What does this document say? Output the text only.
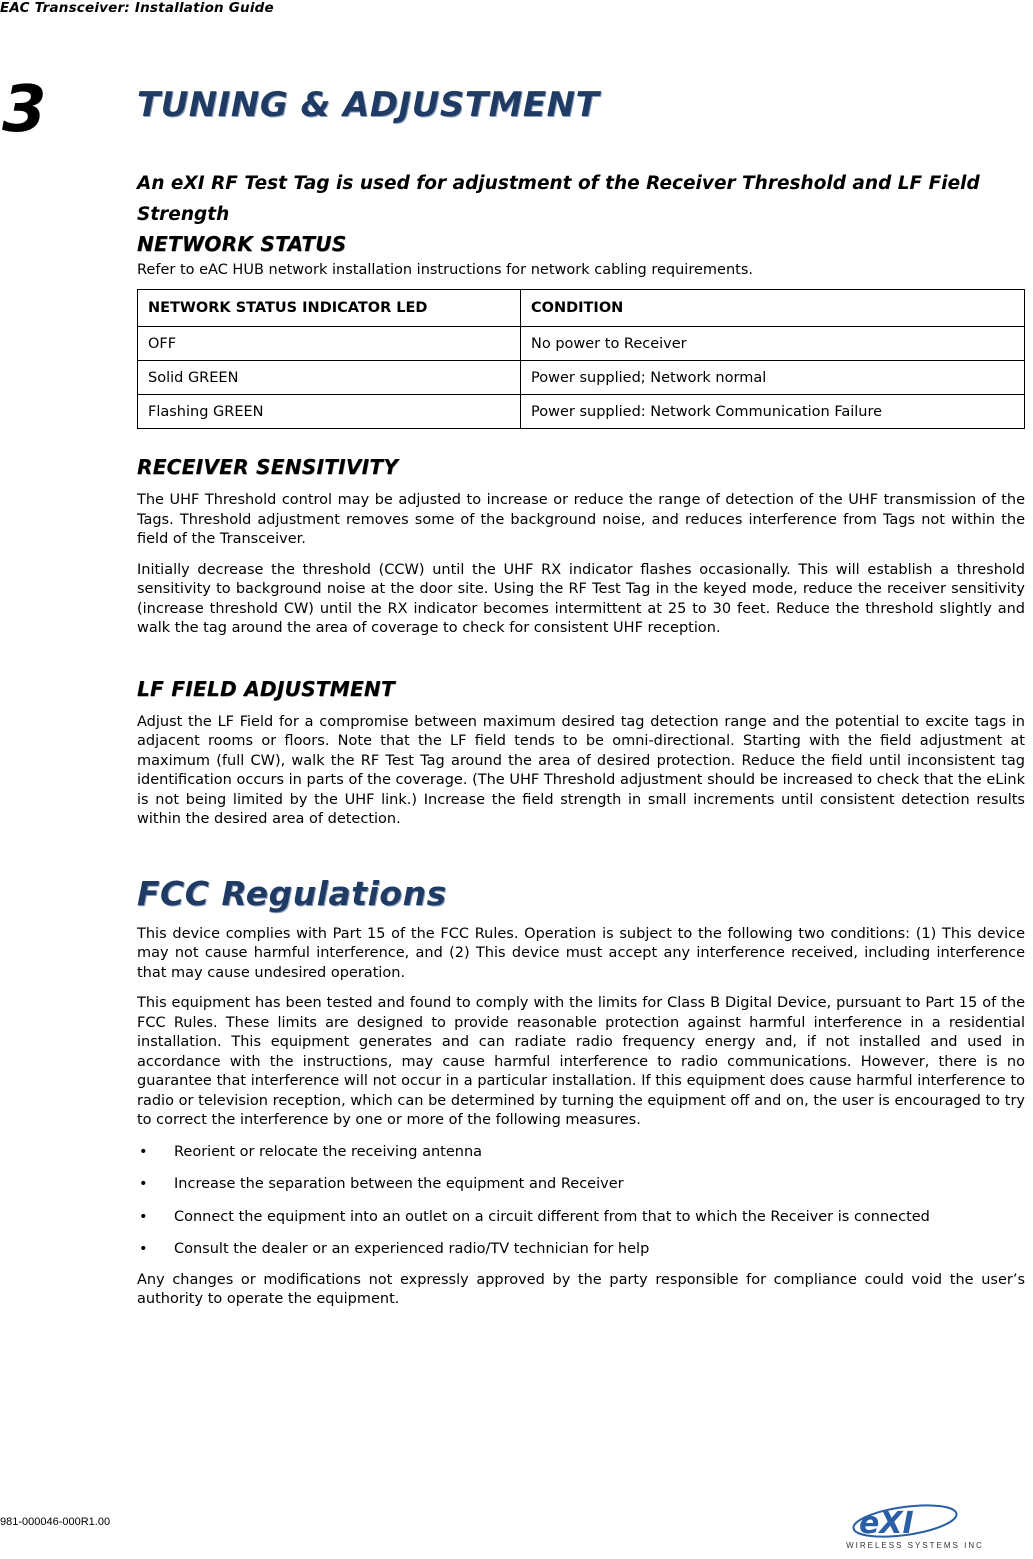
EAC Transceiver: Installation Guide
3	TUNING & ADJUSTMENT

An eXI RF Test Tag is used for adjustment of the Receiver Threshold and LF Field Strength

NETWORK STATUS

Refer to eAC HUB network installation instructions for network cabling requirements.

NETWORK STATUS INDICATOR LED	CONDITION
OFF	No power to Receiver
Solid GREEN	Power supplied; Network normal
Flashing GREEN	Power supplied: Network Communication Failure
RECEIVER SENSITIVITY

The UHF Threshold control may be adjusted to increase or reduce the range of detection of the UHF transmission of the Tags. Threshold adjustment removes some of the background noise, and reduces interference from Tags not within the field of the Transceiver.

Initially decrease the threshold (CCW) until the UHF RX indicator flashes occasionally. This will establish a threshold sensitivity to background noise at the door site. Using the RF Test Tag in the keyed mode, reduce the receiver sensitivity (increase threshold CW) until the RX indicator becomes intermittent at 25 to 30 feet. Reduce the threshold slightly and walk the tag around the area of coverage to check for consistent UHF reception.

LF FIELD ADJUSTMENT

Adjust the LF Field for a compromise between maximum desired tag detection range and the potential to excite tags in adjacent rooms or floors. Note that the LF field tends to be omni-directional. Starting with the field adjustment at maximum (full CW), walk the RF Test Tag around the area of desired protection. Reduce the field until inconsistent tag identification occurs in parts of the coverage. (The UHF Threshold adjustment should be increased to check that the eLink is not being limited by the UHF link.) Increase the field strength in small increments until consistent detection results within the desired area of detection.

FCC Regulations

This device complies with Part 15 of the FCC Rules. Operation is subject to the following two conditions: (1) This device may not cause harmful interference, and (2) This device must accept any interference received, including interference that may cause undesired operation.

This equipment has been tested and found to comply with the limits for Class B Digital Device, pursuant to Part 15 of the FCC Rules. These limits are designed to provide reasonable protection against harmful interference in a residential installation. This equipment generates and can radiate radio frequency energy and, if not installed and used in accordance with the instructions, may cause harmful interference to radio communications. However, there is no guarantee that interference will not occur in a particular installation. If this equipment does cause harmful interference to radio or television reception, which can be determined by turning the equipment off and on, the user is encouraged to try to correct the interference by one or more of the following measures.

• Reorient or relocate the receiving antenna
• Increase the separation between the equipment and Receiver
• Connect the equipment into an outlet on a circuit different from that to which the Receiver is connected
• Consult the dealer or an experienced radio/TV technician for help

Any changes or modifications not expressly approved by the party responsible for compliance could void the user’s authority to operate the equipment.

981-000046-000R1.00	eXI
WIRELESS SYSTEMS INC
